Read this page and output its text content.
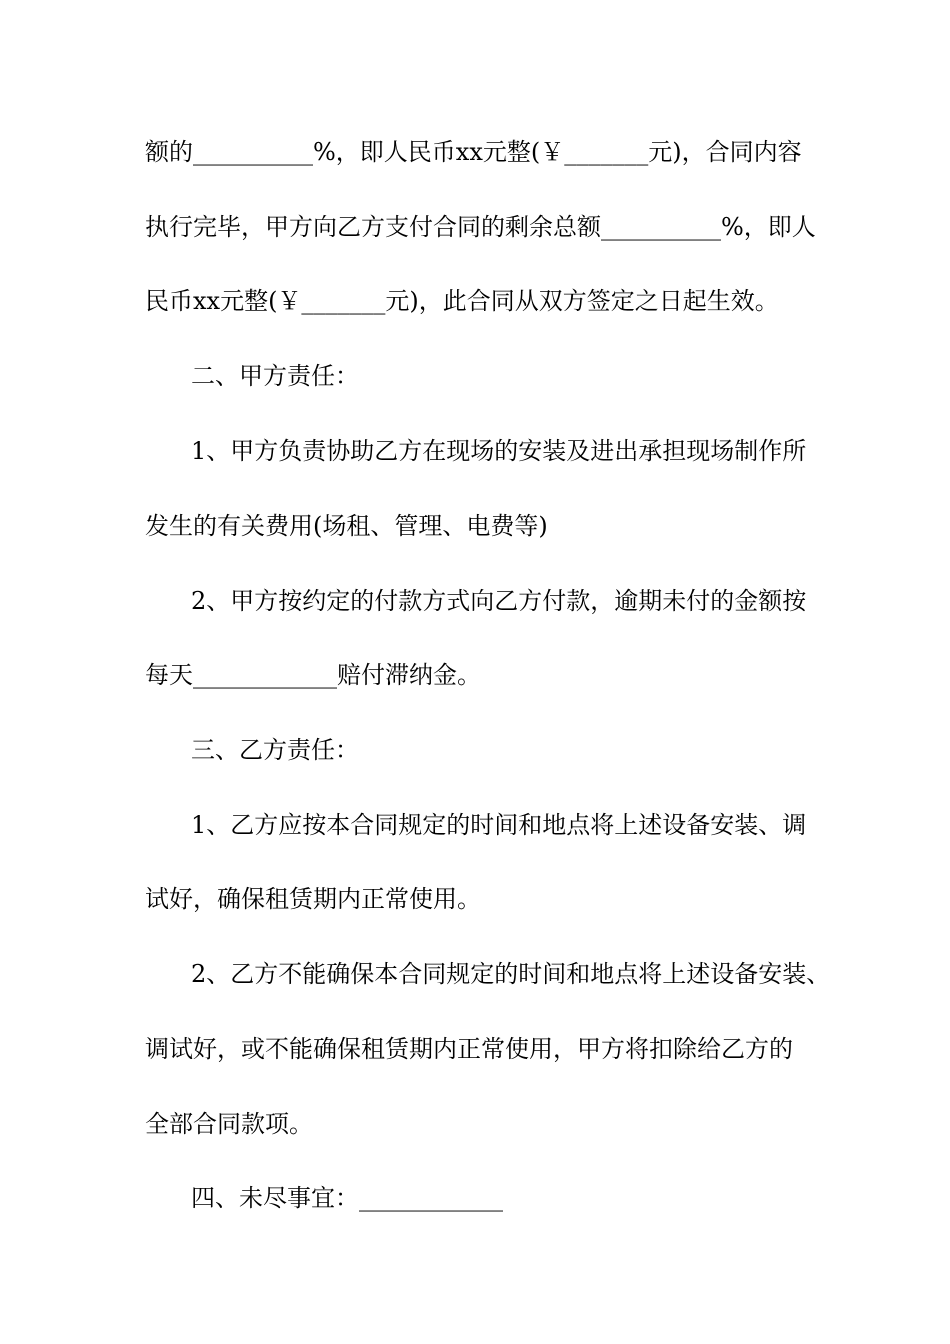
额的__________%，即人民币xx元整(￥_______元)，合同内容

执行完毕，甲方向乙方支付合同的剩余总额__________%，即人

民币xx元整(￥_______元)，此合同从双方签定之日起生效。

二、甲方责任：

1、甲方负责协助乙方在现场的安装及进出承担现场制作所

发生的有关费用(场租、管理、电费等)

2、甲方按约定的付款方式向乙方付款，逾期未付的金额按

每天____________赔付滞纳金。

三、乙方责任：

1、乙方应按本合同规定的时间和地点将上述设备安装、调

试好，确保租赁期内正常使用。

2、乙方不能确保本合同规定的时间和地点将上述设备安装、

调试好，或不能确保租赁期内正常使用，甲方将扣除给乙方的

全部合同款项。

四、未尽事宜：____________
